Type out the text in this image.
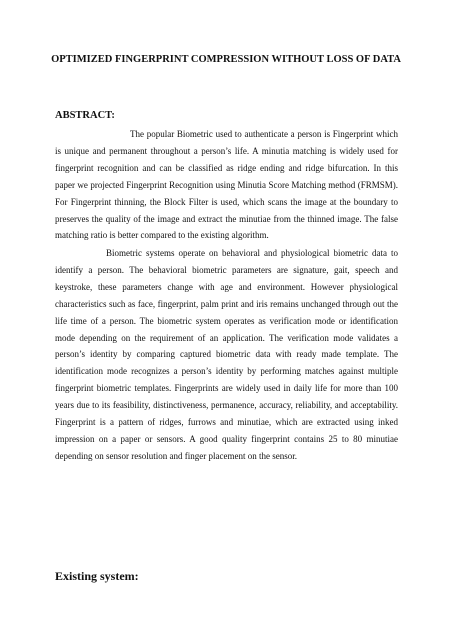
OPTIMIZED FINGERPRINT COMPRESSION WITHOUT LOSS OF DATA
ABSTRACT:

The popular Biometric used to authenticate a person is Fingerprint which is unique and permanent throughout a person’s life. A minutia matching is widely used for fingerprint recognition and can be classified as ridge ending and ridge bifurcation. In this paper we projected Fingerprint Recognition using Minutia Score Matching method (FRMSM). For Fingerprint thinning, the Block Filter is used, which scans the image at the boundary to preserves the quality of the image and extract the minutiae from the thinned image. The false matching ratio is better compared to the existing algorithm.

Biometric systems operate on behavioral and physiological biometric data to identify a person. The behavioral biometric parameters are signature, gait, speech and keystroke, these parameters change with age and environment. However physiological characteristics such as face, fingerprint, palm print and iris remains unchanged through out the life time of a person. The biometric system operates as verification mode or identification mode depending on the requirement of an application. The verification mode validates a person’s identity by comparing captured biometric data with ready made template. The identification mode recognizes a person’s identity by performing matches against multiple fingerprint biometric templates. Fingerprints are widely used in daily life for more than 100 years due to its feasibility, distinctiveness, permanence, accuracy, reliability, and acceptability. Fingerprint is a pattern of ridges, furrows and minutiae, which are extracted using inked impression on a paper or sensors. A good quality fingerprint contains 25 to 80 minutiae depending on sensor resolution and finger placement on the sensor.

Existing system:
